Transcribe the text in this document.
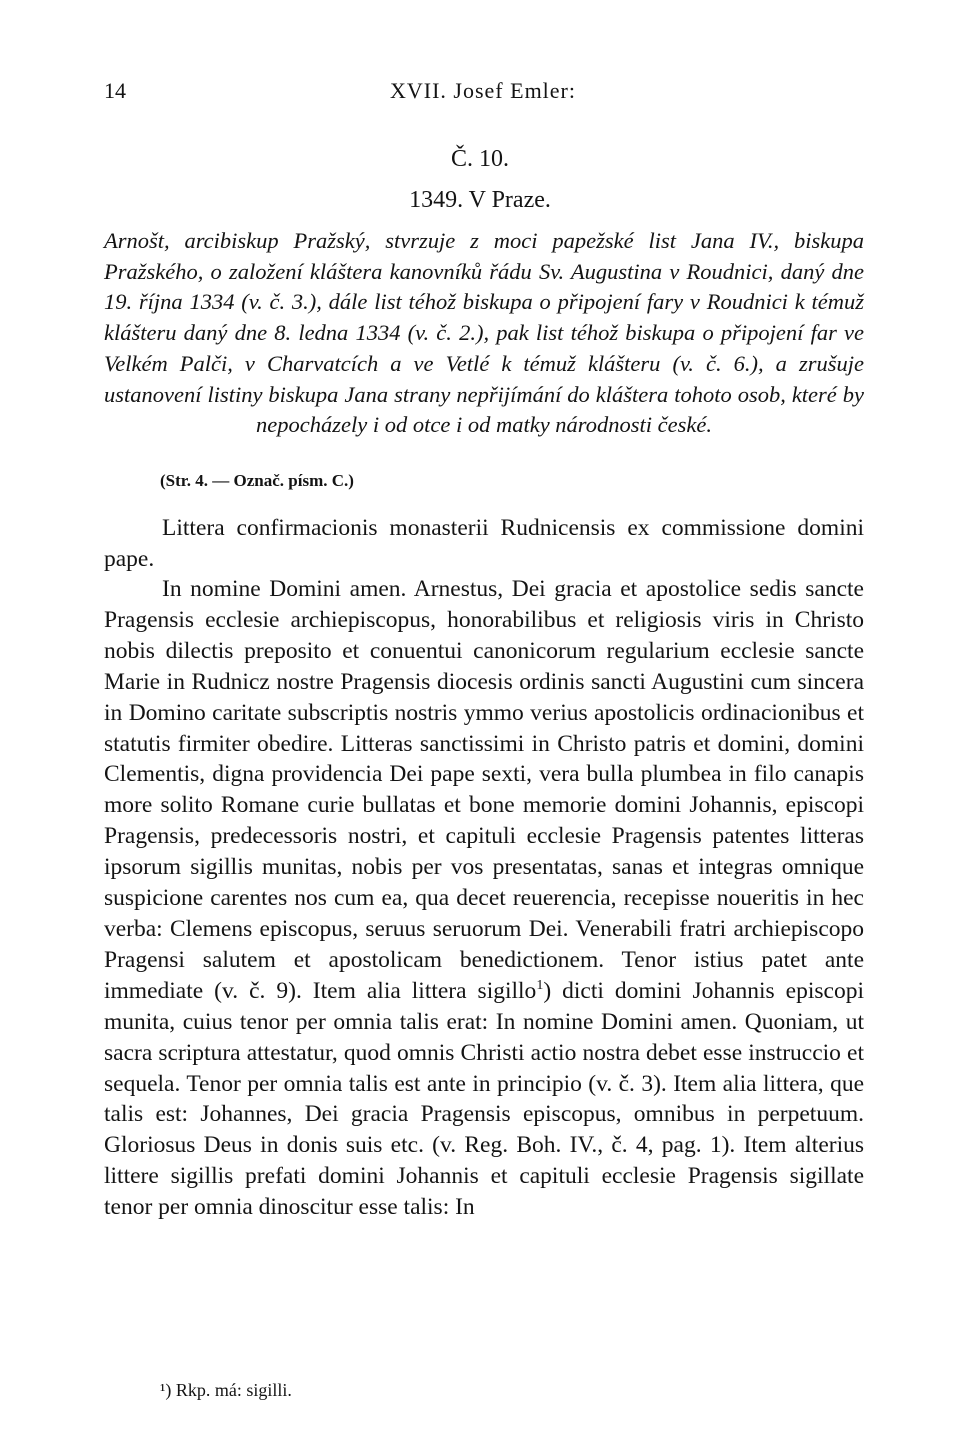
14	XVII. Josef Emler:
Č. 10.
1349. V Praze.

Arnošt, arcibiskup Pražský, stvrzuje z moci papežské list Jana IV., biskupa Pražského, o založení kláštera kanovníků řádu Sv. Augustina v Roudnici, daný dne 19. října 1334 (v. č. 3.), dále list téhož biskupa o připojení fary v Roudnici k témuž klášteru daný dne 8. ledna 1334 (v. č. 2.), pak list téhož biskupa o připojení far ve Velkém Palči, v Charvatcích a ve Vetlé k témuž klášteru (v. č. 6.), a zrušuje ustanovení listiny biskupa Jana strany nepřijímání do kláštera tohoto osob, které by nepocházely i od otce i od matky národnosti české.

(Str. 4. — Označ. písm. C.)

Littera confirmacionis monasterii Rudnicensis ex commissione domini pape.

In nomine Domini amen. Arnestus, Dei gracia et apostolice sedis sancte Pragensis ecclesie archiepiscopus, honorabilibus et religiosis viris in Christo nobis dilectis preposito et conuentui canonicorum regularium ecclesie sancte Marie in Rudnicz nostre Pragensis diocesis ordinis sancti Augustini cum sincera in Domino caritate subscriptis nostris ymmo verius apostolicis ordinacionibus et statutis firmiter obedire. Litteras sanctissimi in Christo patris et domini, domini Clementis, digna providencia Dei pape sexti, vera bulla plumbea in filo canapis more solito Romane curie bullatas et bone memorie domini Johannis, episcopi Pragensis, predecessoris nostri, et capituli ecclesie Pragensis patentes litteras ipsorum sigillis munitas, nobis per vos presentatas, sanas et integras omnique suspicione carentes nos cum ea, qua decet reuerencia, recepisse noueritis in hec verba: Clemens episcopus, seruus seruorum Dei. Venerabili fratri archiepiscopo Pragensi salutem et apostolicam benedictionem. Tenor istius patet ante immediate (v. č. 9). Item alia littera sigillo$^1$) dicti domini Johannis episcopi munita, cuius tenor per omnia talis erat: In nomine Domini amen. Quoniam, ut sacra scriptura attestatur, quod omnis Christi actio nostra debet esse instruccio et sequela. Tenor per omnia talis est ante in principio (v. č. 3). Item alia littera, que talis est: Johannes, Dei gracia Pragensis episcopus, omnibus in perpetuum. Gloriosus Deus in donis suis etc. (v. Reg. Boh. IV., č. 4, pag. 1). Item alterius littere sigillis prefati domini Johannis et capituli ecclesie Pragensis sigillate tenor per omnia dinoscitur esse talis: In

¹) Rkp. má: sigilli.
